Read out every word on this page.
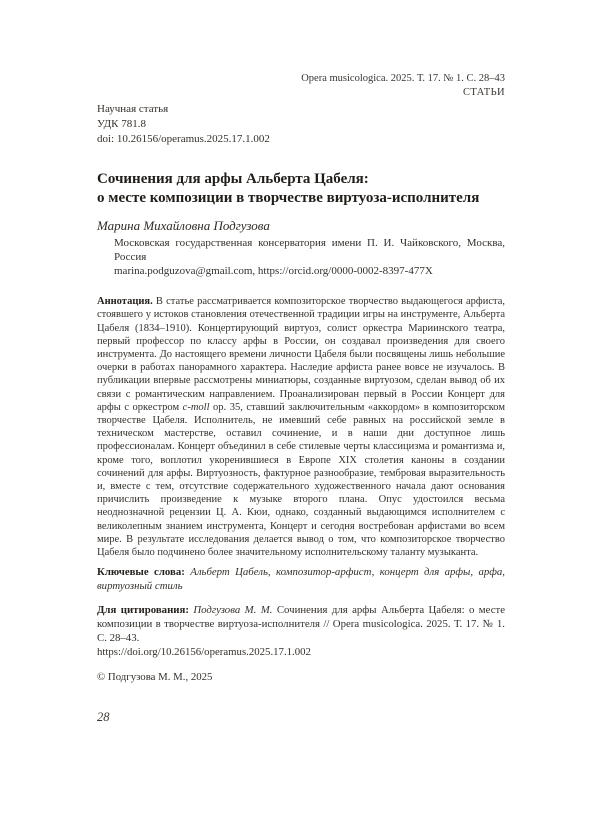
Opera musicologica. 2025. Т. 17. № 1. С. 28–43
СТАТЬИ
Научная статья
УДК 781.8
doi: 10.26156/operamus.2025.17.1.002
Сочинения для арфы Альберта Цабеля:
о месте композиции в творчестве виртуоза-исполнителя
Марина Михайловна Подгузова
Московская государственная консерватория имени П. И. Чайковского, Москва, Россия
marina.podguzova@gmail.com, https://orcid.org/0000-0002-8397-477X
Аннотация. В статье рассматривается композиторское творчество выдающегося арфиста, стоявшего у истоков становления отечественной традиции игры на инструменте, Альберта Цабеля (1834–1910). Концертирующий виртуоз, солист оркестра Мариинского театра, первый профессор по классу арфы в России, он создавал произведения для своего инструмента. До настоящего времени личности Цабеля были посвящены лишь небольшие очерки в работах панорамного характера. Наследие арфиста ранее вовсе не изучалось. В публикации впервые рассмотрены миниатюры, созданные виртуозом, сделан вывод об их связи с романтическим направлением. Проанализирован первый в России Концерт для арфы с оркестром c-moll op. 35, ставший заключительным «аккордом» в композиторском творчестве Цабеля. Исполнитель, не имевший себе равных на российской земле в техническом мастерстве, оставил сочинение, и в наши дни доступное лишь профессионалам. Концерт объединил в себе стилевые черты классицизма и романтизма и, кроме того, воплотил укоренившиеся в Европе XIX столетия каноны в создании сочинений для арфы. Виртуозность, фактурное разнообразие, тембровая выразительность и, вместе с тем, отсутствие содержательного художественного начала дают основания причислить произведение к музыке второго плана. Опус удостоился весьма неоднозначной рецензии Ц. А. Кюи, однако, созданный выдающимся исполнителем с великолепным знанием инструмента, Концерт и сегодня востребован арфистами во всем мире. В результате исследования делается вывод о том, что композиторское творчество Цабеля было подчинено более значительному исполнительскому таланту музыканта.
Ключевые слова: Альберт Цабель, композитор-арфист, концерт для арфы, арфа, виртуозный стиль
Для цитирования: Подгузова М. М. Сочинения для арфы Альберта Цабеля: о месте композиции в творчестве виртуоза-исполнителя // Opera musicologica. 2025. Т. 17. № 1. С. 28–43.
https://doi.org/10.26156/operamus.2025.17.1.002
© Подгузова М. М., 2025
28
